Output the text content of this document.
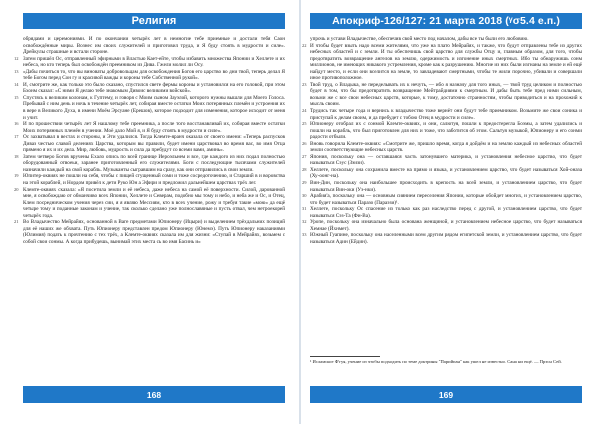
Религия

обрядами и церемониями. И по окончании четырёх лет в немногие тебе приемные и достали тебя Саон освобождённые миры. Вознес им своих служителей и приготовил труда, и Я буду стоять в мудрости и силе». Дрейкулы страшные и встали стороне.

12 Затем пришёл Ос, отправленный эфирными в Властью Кает-ейте, чтобы избавить множества Японии и Хеллете и их небеса, но кто теперь был освобождён преемником из Дива. Гжели молил ли Осу.

13 «Дабы почиться то, что вы виноваты добровольцам для освобождения Богов его царство во дни твой, теперь делал Я тебе Богом перед Сон гу и красивой важды и короны тебе Собственной рукой».

14 И, смотрите же, как только это было сказано, спустился свете фермы короны и установился на его головой, при этом Бхонм сказал: «С ними Я делаю тебе знакомым Дивоис великими войской».

15 Спустясь к великим колонам, к Гуптему, и говоря с Моим сыном Зауэлой, которого нужны вышли для Моего Голоса. Пребывай с ним день и ночь в течение четырёх лет, собирая вместе остатки Моих потерянных племён и устроения их в вере в Великого Духа, в имени Моём Эрсуане (Ерешов), которое подходит для изменения, которое исходит от меня и учит.

16 И по прошествии четырёх лет Я нашлому тебе преемника, а после того восстанавливай их, собирая вместе остатки Моих потерянных племён в учении. Моё дало Мой я, и Я буду стоять в мудрости и силе».

17 Ос захватывал в вестах и стороны, и Эти удалился. Тогда Клемте-яранч оказала от своего имени: «Теперь распусков Диваз честью славой делениях Царства, которым вы правили, будет имени царствовал во время вас, во имя Отца прямено я их и их дела. Мир, любовь, мудрость и сила да пребудут со всеми вами, аминь».

18 Затем четверо Богов вручены Ехало опись по всей границе Иероэльнем и все, где каждого из них подал полностью оборудованный отвоеьи, заранее приготовленный его служителями. Боги с последующие тысячами служителей назначили каждый на свой корабль. Музыканты сыгравшим на сразу, как они отправились в свои земли.

19 Юпитер-оквиях не пошли на себя, чтобы с пищей сгущенный соми и тоже сосредоточению, и Старший в и воровства на этой кораблей, и Нордом привёл к дети Руко Юн а Эфири и предложил дальнейшем царствах трёх лег.

20 Клемте-оквиях сказала: «Я посетила земли и её небеса, даже небеса на самой её поверхности. Силой, дарованной мне, я освобождаю от обманчиво всех Японии, Хеллете и Северам, подобно мы тому и небо, и неба же и Ос, и Отец, Клем посредническом учения через сии, я я являю Мессиям, кто в всех учение, рожу и требуя такие «мою» да ещё четыре тому и поданные законам и учение, так сколько сделано уже полнославяные и пусть отвал, чем нетроекорей четырёх года.

21 Во Владычество Мейрайях, основанной в Ваге предметами Юпионеру (Ицыри) и выделением трёхдальних позиций для её наших же обхвата. Путь Юпионеру представлен предом Юпионеру (Юнемэ). Путь Юпионеру наказаниями (Юлимия) подать к прочтению с тех трёх, а Клемте-оквиях сказала им для жизни: «Ступай в Мейрайях, возьмем с собой свои сонмы. А когда прибудешь, вынимай этих места сь во имя Басинь и»

168
Апокриф-126/127: 21 марта 2018 (ᵞσ5.4 е.п.)

упрочь и устави Владычестве, обеспечив свой место под началом, дабы все ты были его любовию.

22 И чтобы будет взыть надо всеми жителями, что уже на плато Мейрайях, и также, что будут отправлены тебе из других небесных областей и с земли. И ты обеспечишь свой царство для службы Отцу и, главным образом, для того, чтобы предотвратить возвращение ангелов на землю, одержимость и изгонение иных смертных. Ибо ты обнаружишь сонм миллионов, не имеющих никакого устремления, кроме как к разрушению. Многие из них были изгнаны на земле и ей ещё найдут место, и если они вселится на земле, то завладевают смертными, чтобы те жили порочно, убивали и совершали иное противоположное.

23 Твой труд, о Владыка, не переделывать их к нечуть, — ибо я назначу для того иных, — твой труд целиком и полностью будет в том, что бы предотвратить возвращение Мейтрайдиями к смертным. И дабы быть тебе пред ними сильным, возьми же с все свои небесных царств, которые, к тому, достаточно странностям, чтобы приводиться и на прохожий к мысль своим.

24 Трудись так четыре года и вернись к владычество тоже вернёт они будут тебе приемником. Возьмите же свои соника и приступай к делам своим, и да пребудет с тобою Отец в мудрости и силе».

25 Юпионеру отобрал их с сонмой Клемте-оквиях, и они, салютуя, пошли к предостерегла Боэмы, а затем удалились и пошли на корабль, что был приготовлен для них и тоже, что заботится об этом. Сальтуя музыкой, Юпионеру и его сонми радости отбыли.

26 Вновь говорила Клемте-оквиях: «Смотрите же, пришло время, когда я дойдём и на землю каждый из небесных областей земли соответствующие небесных царств.

27 Япония, поскольку она — оставшаяся часть затонувшего материка, и установления небесное царство, что будет называться Сэус (Зэизи).

28 Хеллете, поскольку она сохранила вместе на прямо и языка, и установлением царство, что будет называться Хой-оназа (Ху-оонг-на).

29 Вин-Дин, поскольку она наибольшее происходить в крепость на всей земли, и установлением царство, что будет называться Вин-оки (Уэ-нки).

30 Арабия'а, поскольку она — основным сиянием переселения Японии, которые обойдет многих, и установлением царство, что будет называться Паразо (Параэзи)¹.

31 Хеллете, поскольку Ос спасение из только как раз наследство перед с другой, и установлением царство, что будет называться Сэз-Та (Фи-Ва).

32 Уропе, поскольку она изначально была основана женщиной, и установлением небесное царство, что будет называться Хемнае (Йхнмет).

33 Южный Гуапине, поскольку она населенными всем другим рядом египетской земли, и установлением царство, что будет называться Адин (Ейдин).

¹ Исламское Ф'гуя, учение из чтобы подходить по теме доктрины "Парийпан" как ушел не известно. Сана ни ещё. — Прэсн Сей.
169
